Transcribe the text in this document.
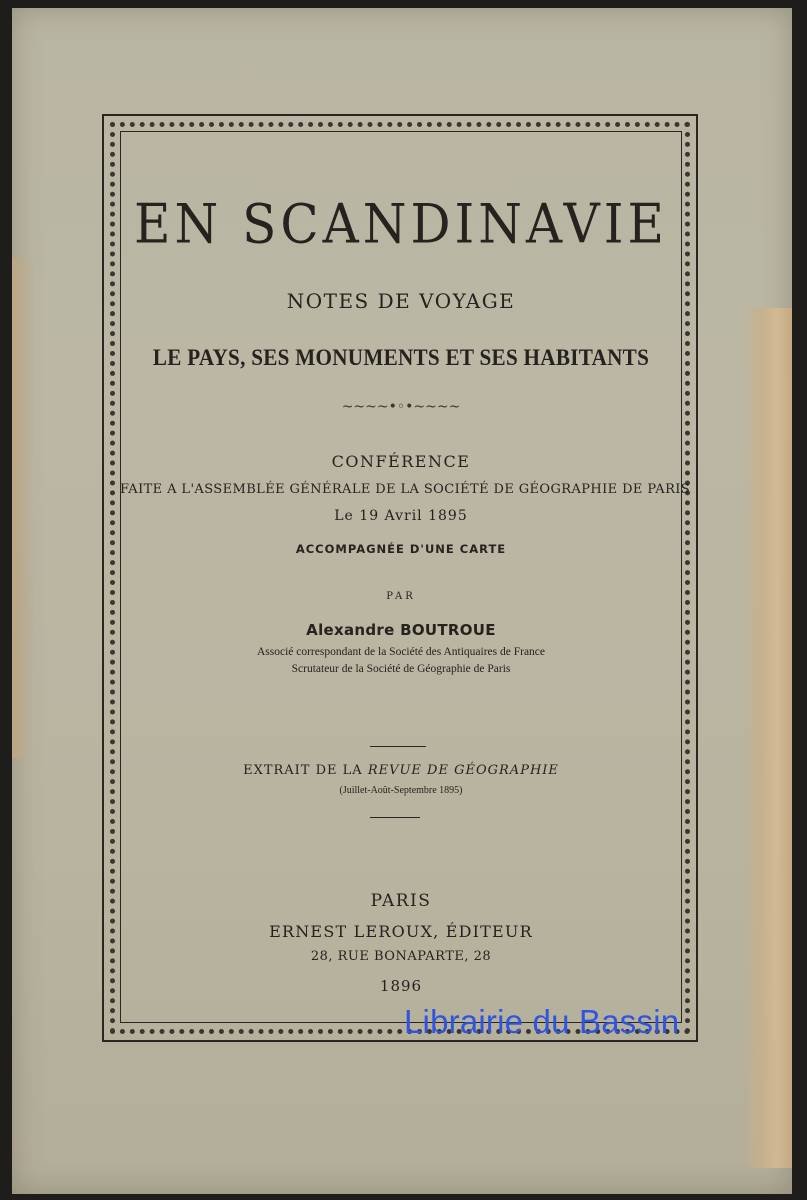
EN SCANDINAVIE
NOTES DE VOYAGE
LE PAYS, SES MONUMENTS ET SES HABITANTS
~~~~•◦•~~~~
CONFÉRENCE
FAITE A L'ASSEMBLÉE GÉNÉRALE DE LA SOCIÉTÉ DE GÉOGRAPHIE DE PARIS
Le 19 Avril 1895
ACCOMPAGNÉE D'UNE CARTE
PAR
Alexandre BOUTROUE
Associé correspondant de la Société des Antiquaires de France
Scrutateur de la Société de Géographie de Paris
EXTRAIT DE LA REVUE DE GÉOGRAPHIE
(Juillet-Août-Septembre 1895)
PARIS
ERNEST LEROUX, ÉDITEUR
28, RUE BONAPARTE, 28
1896
Librairie du Bassin
